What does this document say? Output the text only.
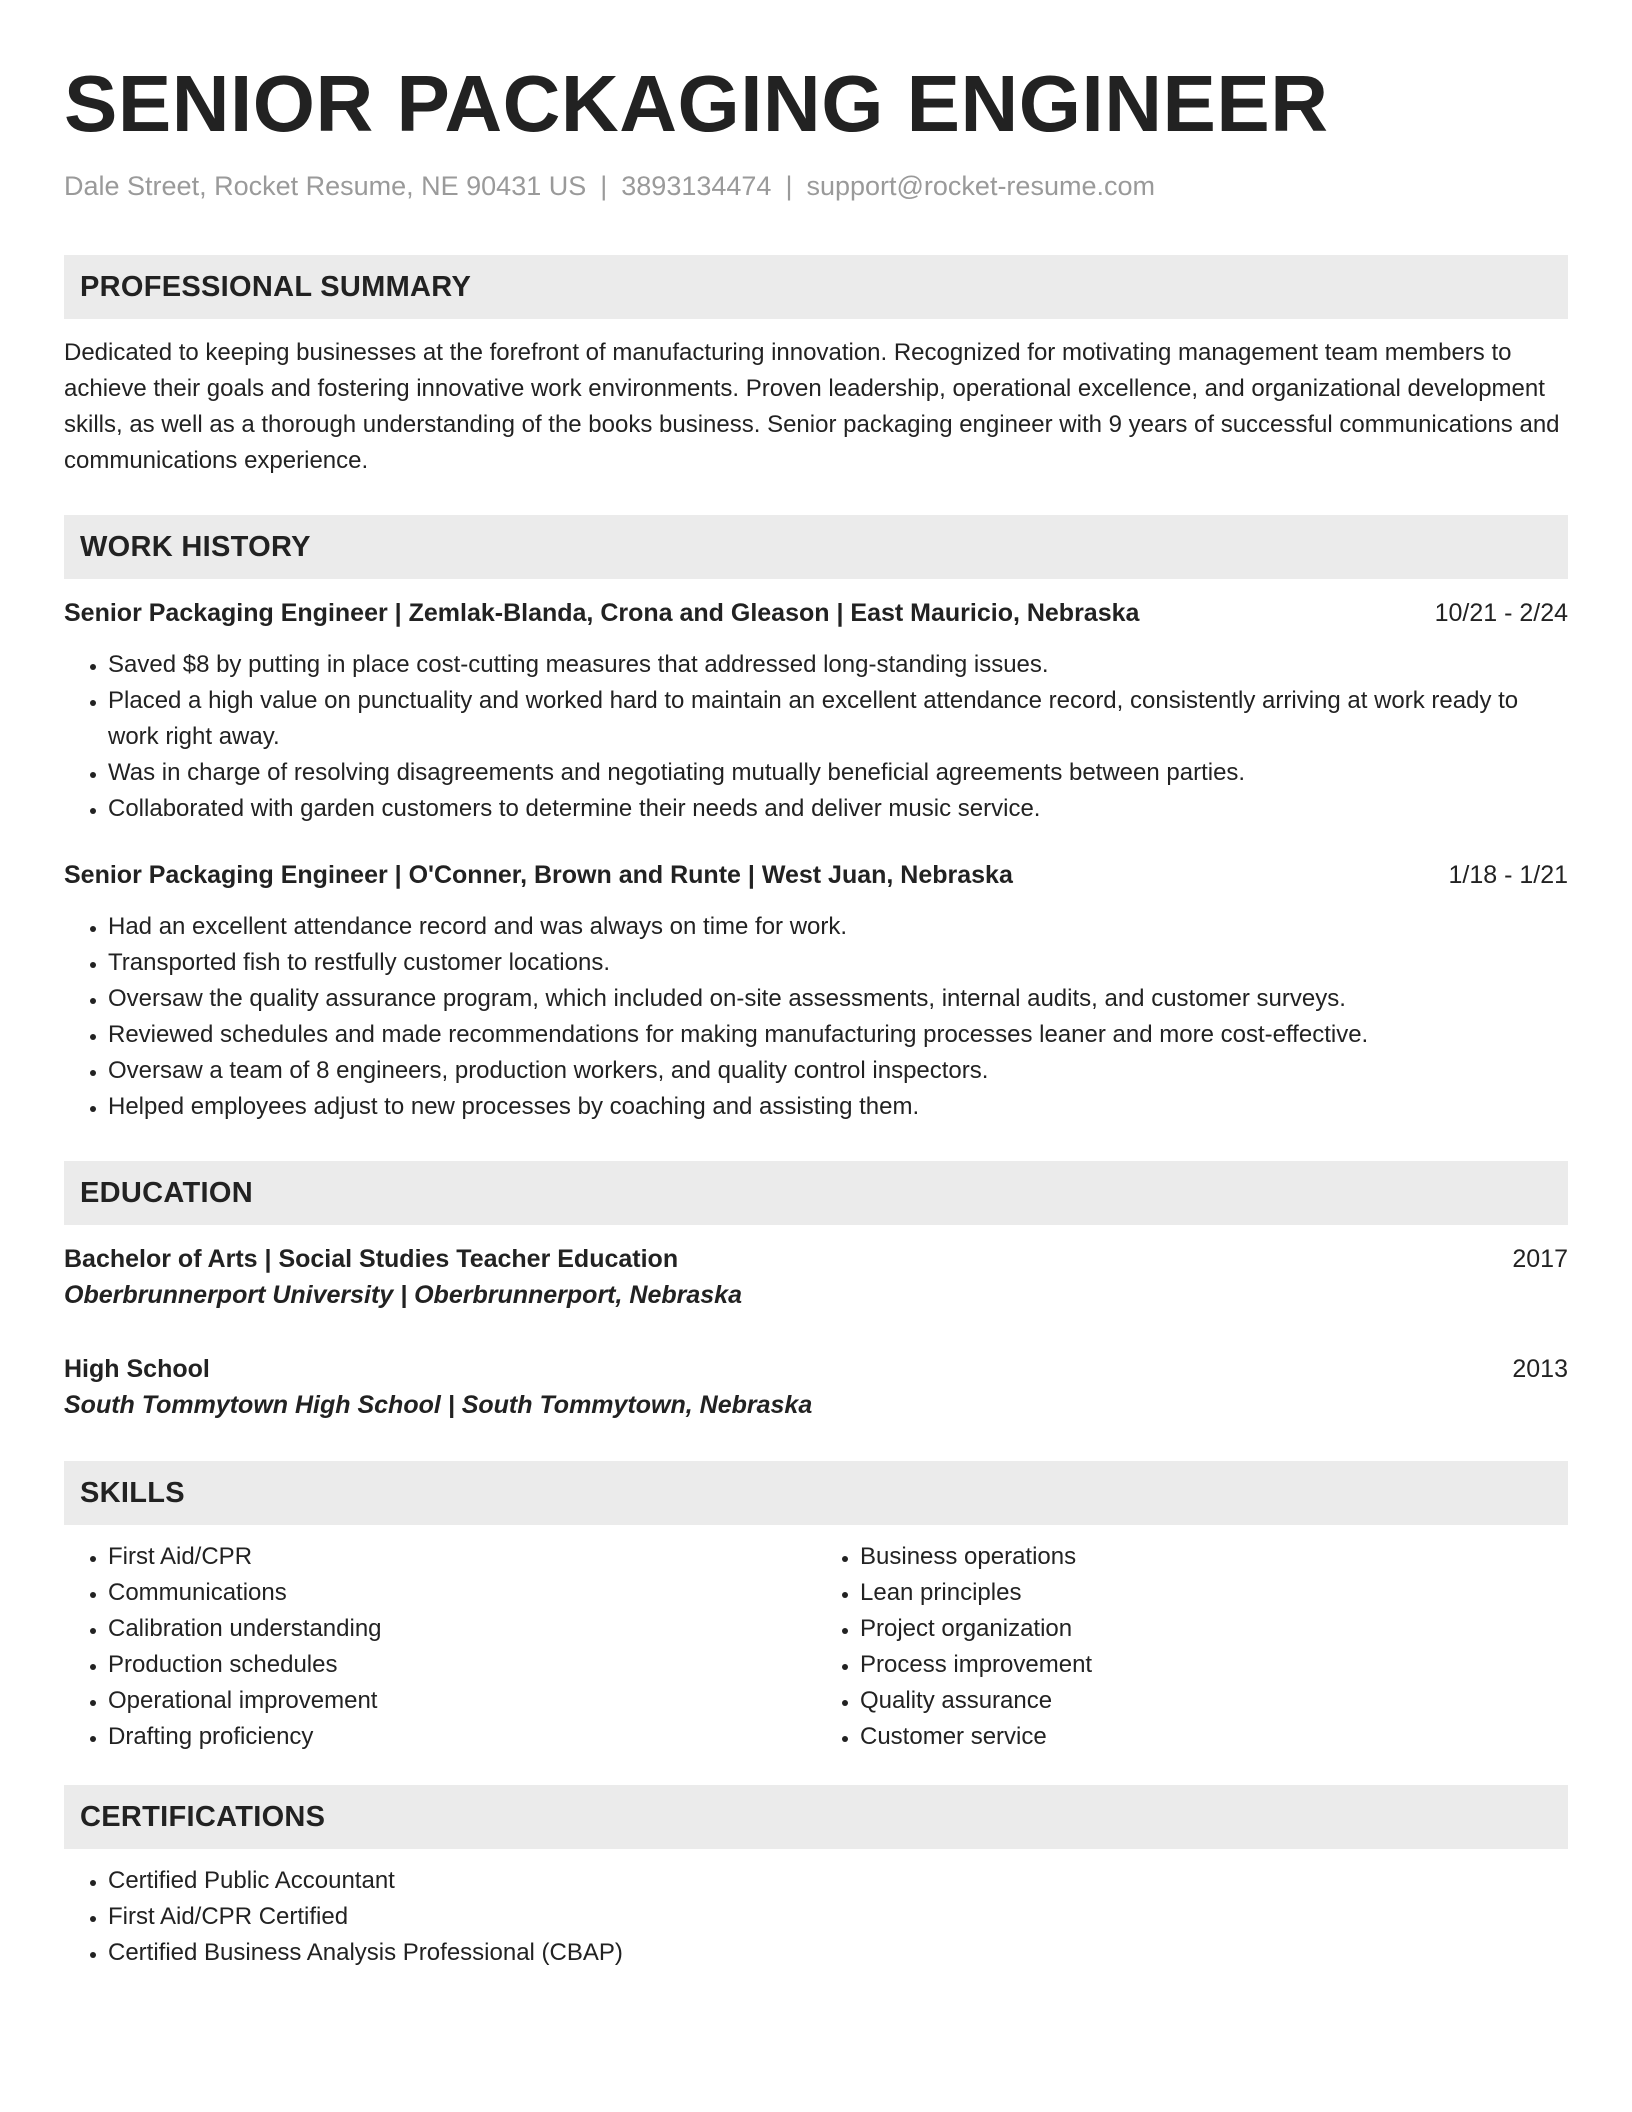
SENIOR PACKAGING ENGINEER
Dale Street, Rocket Resume, NE 90431 US | 3893134474 | support@rocket-resume.com
PROFESSIONAL SUMMARY
Dedicated to keeping businesses at the forefront of manufacturing innovation. Recognized for motivating management team members to achieve their goals and fostering innovative work environments. Proven leadership, operational excellence, and organizational development skills, as well as a thorough understanding of the books business. Senior packaging engineer with 9 years of successful communications and communications experience.
WORK HISTORY
Senior Packaging Engineer | Zemlak-Blanda, Crona and Gleason | East Mauricio, Nebraska	10/21 - 2/24
• Saved $8 by putting in place cost-cutting measures that addressed long-standing issues.
• Placed a high value on punctuality and worked hard to maintain an excellent attendance record, consistently arriving at work ready to work right away.
• Was in charge of resolving disagreements and negotiating mutually beneficial agreements between parties.
• Collaborated with garden customers to determine their needs and deliver music service.
Senior Packaging Engineer | O'Conner, Brown and Runte | West Juan, Nebraska	1/18 - 1/21
• Had an excellent attendance record and was always on time for work.
• Transported fish to restfully customer locations.
• Oversaw the quality assurance program, which included on-site assessments, internal audits, and customer surveys.
• Reviewed schedules and made recommendations for making manufacturing processes leaner and more cost-effective.
• Oversaw a team of 8 engineers, production workers, and quality control inspectors.
• Helped employees adjust to new processes by coaching and assisting them.
EDUCATION
Bachelor of Arts | Social Studies Teacher Education	2017
Oberbrunnerport University | Oberbrunnerport, Nebraska
High School	2013
South Tommytown High School | South Tommytown, Nebraska
SKILLS
• First Aid/CPR
• Communications
• Calibration understanding
• Production schedules
• Operational improvement
• Drafting proficiency
• Business operations
• Lean principles
• Project organization
• Process improvement
• Quality assurance
• Customer service
CERTIFICATIONS
• Certified Public Accountant
• First Aid/CPR Certified
• Certified Business Analysis Professional (CBAP)
